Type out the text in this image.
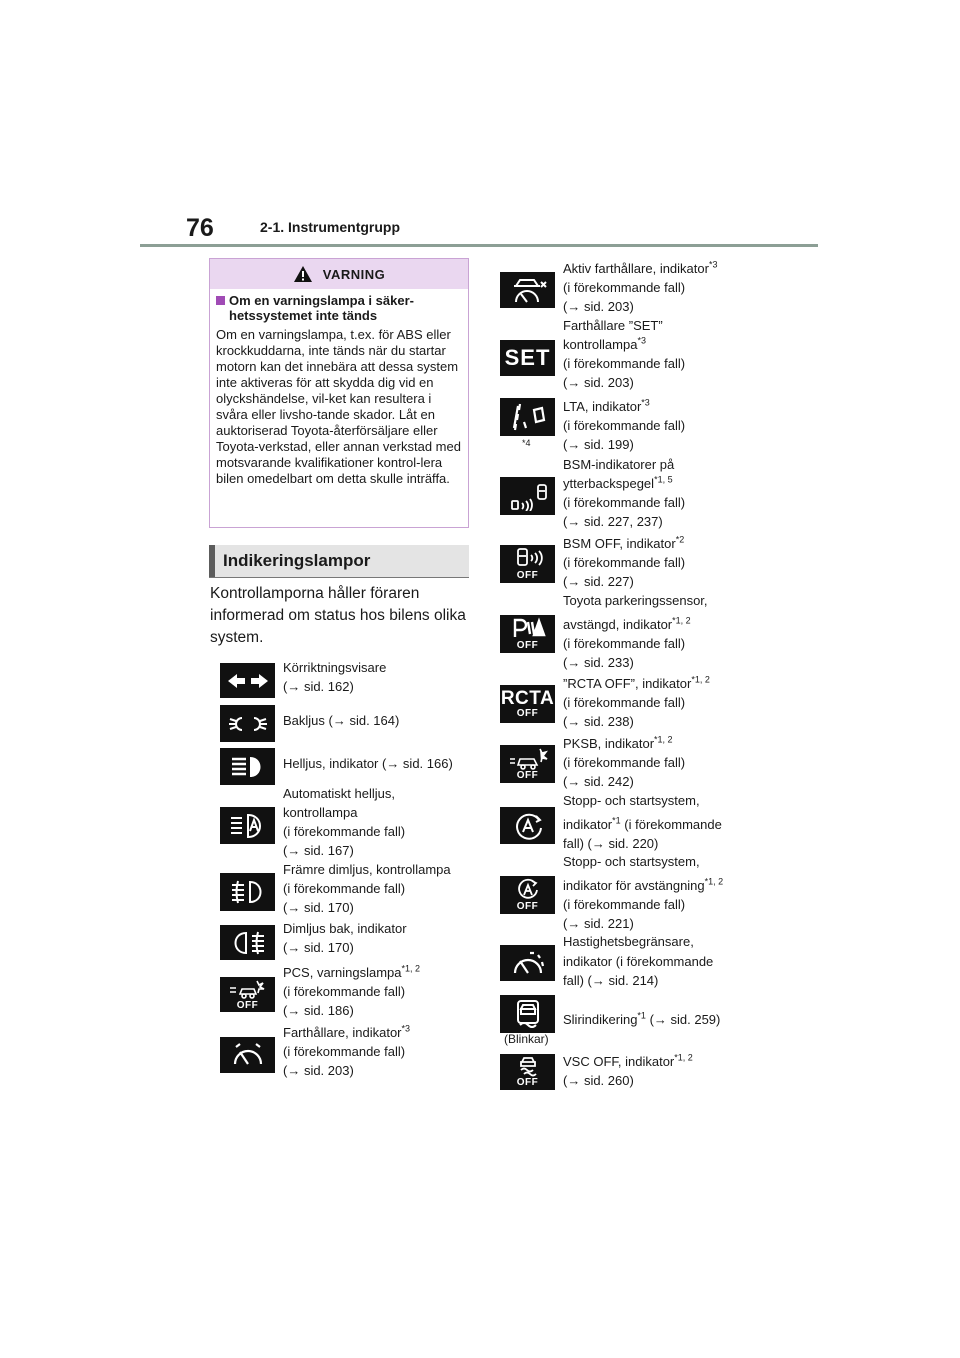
76	2-1. Instrumentgrupp
VARNING
Om en varningslampa i säker-hetssystemet inte tänds
Om en varningslampa, t.ex. för ABS eller krockkuddarna, inte tänds när du startar motorn kan det innebära att dessa system inte aktiveras för att skydda dig vid en olyckshändelse, vil-ket kan resultera i svåra eller livsho-tande skador. Låt en auktoriserad Toyota-återförsäljare eller Toyota-verkstad, eller annan verkstad med motsvarande kvalifikationer kontrol-lera bilen omedelbart om detta skulle inträffa.
Indikeringslampor
Kontrollamporna håller föraren informerad om status hos bilens olika system.
OFF
SET
*4
OFF
OFF
RCTA
OFF
OFF
OFF
(Blinkar)
OFF
Körriktningsvisare
(→ sid. 162)
Bakljus (→ sid. 164)
Helljus, indikator (→ sid. 166)
Automatiskt helljus,
kontrollampa
(i förekommande fall)
(→ sid. 167)
Främre dimljus, kontrollampa
(i förekommande fall)
(→ sid. 170)
Dimljus bak, indikator
(→ sid. 170)
PCS, varningslampa$^{*1, 2}$
(i förekommande fall)
(→ sid. 186)
Farthållare, indikator$^{*3}$
(i förekommande fall)
(→ sid. 203)
Aktiv farthållare, indikator$^{*3}$
(i förekommande fall)
(→ sid. 203)
Farthållare ”SET”
kontrollampa$^{*3}$
(i förekommande fall)
(→ sid. 203)
LTA, indikator$^{*3}$
(i förekommande fall)
(→ sid. 199)
BSM-indikatorer på
ytterbackspegel$^{*1, 5}$
(i förekommande fall)
(→ sid. 227, 237)
BSM OFF, indikator$^{*2}$
(i förekommande fall)
(→ sid. 227)
Toyota parkeringssensor,
avstängd, indikator$^{*1, 2}$
(i förekommande fall)
(→ sid. 233)
”RCTA OFF”, indikator$^{*1, 2}$
(i förekommande fall)
(→ sid. 238)
PKSB, indikator$^{*1, 2}$
(i förekommande fall)
(→ sid. 242)
Stopp- och startsystem,
indikator$^{*1}$ (i förekommande
fall) (→ sid. 220)
Stopp- och startsystem,
indikator för avstängning$^{*1, 2}$
(i förekommande fall)
(→ sid. 221)
Hastighetsbegränsare,
indikator (i förekommande
fall) (→ sid. 214)
Slirindikering$^{*1}$ (→ sid. 259)
VSC OFF, indikator$^{*1, 2}$
(→ sid. 260)
